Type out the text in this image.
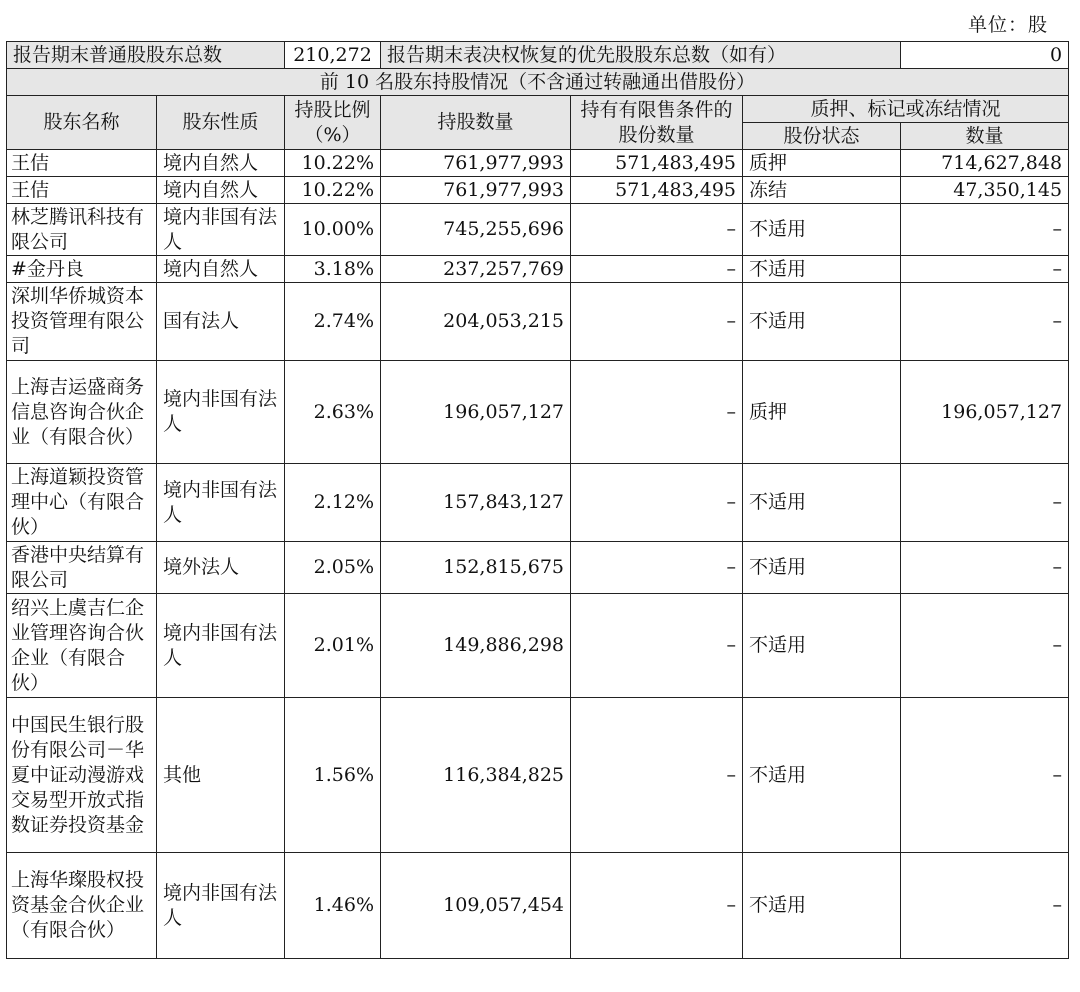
单位：股
报告期末普通股股东总数		210,272	报告期末表决权恢复的优先股股东总数（如有）			0
前 10 名股东持股情况（不含通过转融通出借股份）						
股东名称	股东性质	持股比例（%）	持股数量	持有有限售条件的股份数量	质押、标记或冻结情况	
					股份状态	数量
王佶	境内自然人	10.22%	761,977,993	571,483,495	质押	714,627,848
王佶	境内自然人	10.22%	761,977,993	571,483,495	冻结	47,350,145
林芝腾讯科技有限公司	境内非国有法人	10.00%	745,255,696	–	不适用	–
#金丹良	境内自然人	3.18%	237,257,769	–	不适用	–
深圳华侨城资本投资管理有限公司	国有法人	2.74%	204,053,215	–	不适用	–
上海吉运盛商务信息咨询合伙企业（有限合伙）	境内非国有法人	2.63%	196,057,127	–	质押	196,057,127
上海道颖投资管理中心（有限合伙）	境内非国有法人	2.12%	157,843,127	–	不适用	–
香港中央结算有限公司	境外法人	2.05%	152,815,675	–	不适用	–
绍兴上虞吉仁企业管理咨询合伙企业（有限合伙）	境内非国有法人	2.01%	149,886,298	–	不适用	–
中国民生银行股份有限公司－华夏中证动漫游戏交易型开放式指数证券投资基金	其他	1.56%	116,384,825	–	不适用	–
上海华璨股权投资基金合伙企业（有限合伙）	境内非国有法人	1.46%	109,057,454	–	不适用	–
